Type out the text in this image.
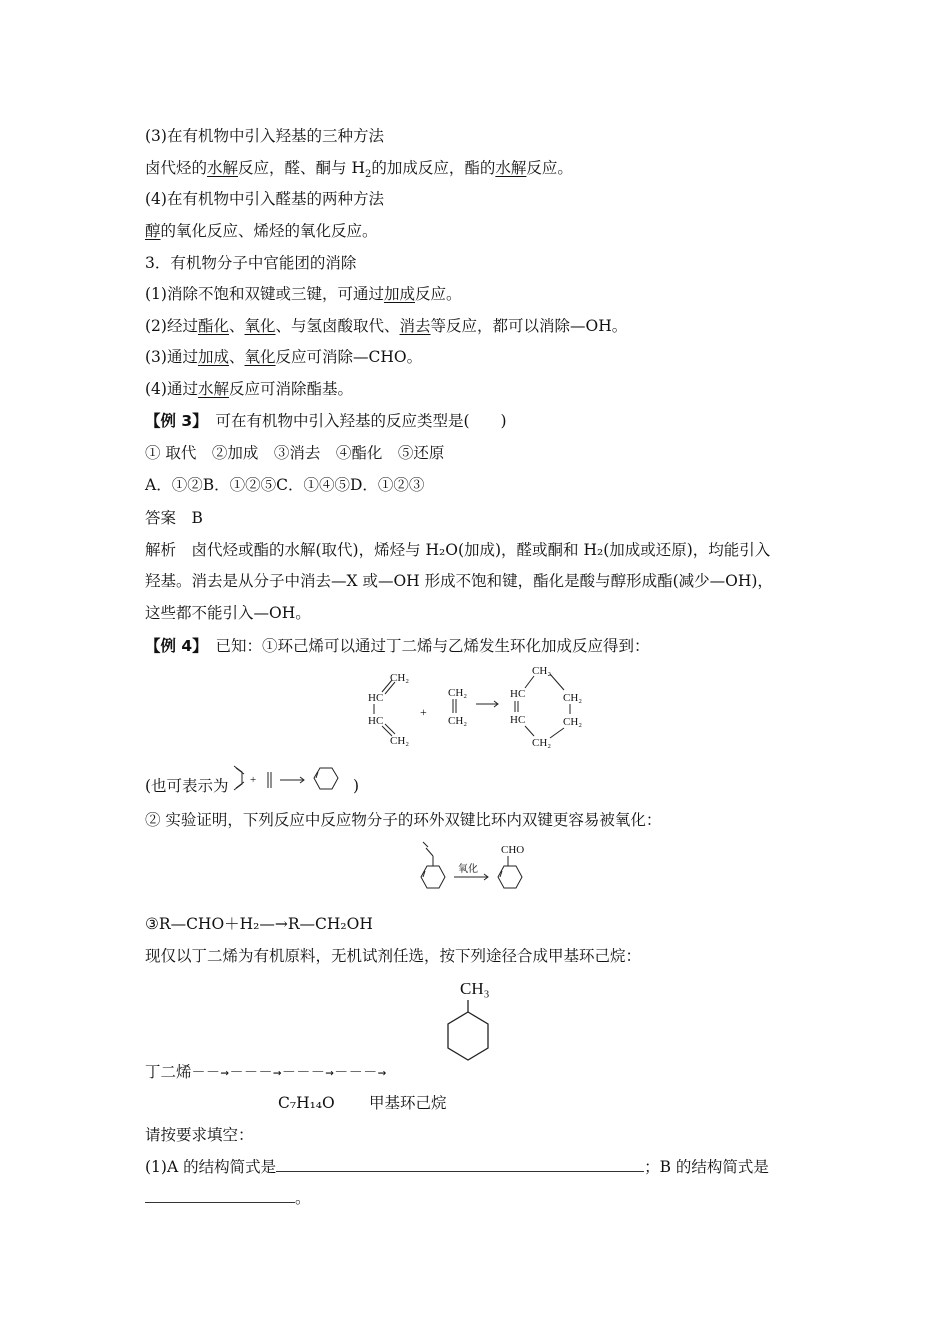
(3)在有机物中引入羟基的三种方法
卤代烃的水解反应，醛、酮与 $H_2$的加成反应，酯的水解反应。
(4)在有机物中引入醛基的两种方法
醇的氧化反应、烯烃的氧化反应。
3．有机物分子中官能团的消除
(1)消除不饱和双键或三键，可通过加成反应。
(2)经过酯化、氧化、与氢卤酸取代、消去等反应，都可以消除—OH。
(3)通过加成、氧化反应可消除—CHO。
(4)通过水解反应可消除酯基。
【例 3】　 可在有机物中引入羟基的反应类型是(　　)
① 取代　②加成　③消去　④酯化　⑤还原
A．①②B．①②⑤C．①④⑤D．①②③
答案　B
解析　卤代烃或酯的水解(取代)，烯烃与 H₂O(加成)，醛或酮和 H₂(加成或还原)，均能引入
羟基。消去是从分子中消去—X 或—OH 形成不饱和键，酯化是酸与醇形成酯(减少—OH)，
这些都不能引入—OH。
【例 4】　 已知：①环己烯可以通过丁二烯与乙烯发生环化加成反应得到：
CH₂
HC
HC
CH₂
+
CH₂
CH₂
CH₂
HC
HC
CH₂
CH₂
CH₂
(也可表示为 +	)
② 实验证明，下列反应中反应物分子的环外双键比环内双键更容易被氧化：
氧化
CHO
③R—CHO＋H₂—→R—CH₂OH
现仅以丁二烯为有机原料，无机试剂任选，按下列途径合成甲基环己烷：
CH₃
丁二烯－－→－－－→－－－→－－－→
C₇H₁₄O 甲基环己烷
请按要求填空：
(1)A 的结构简式是	；B 的结构简式是
。
